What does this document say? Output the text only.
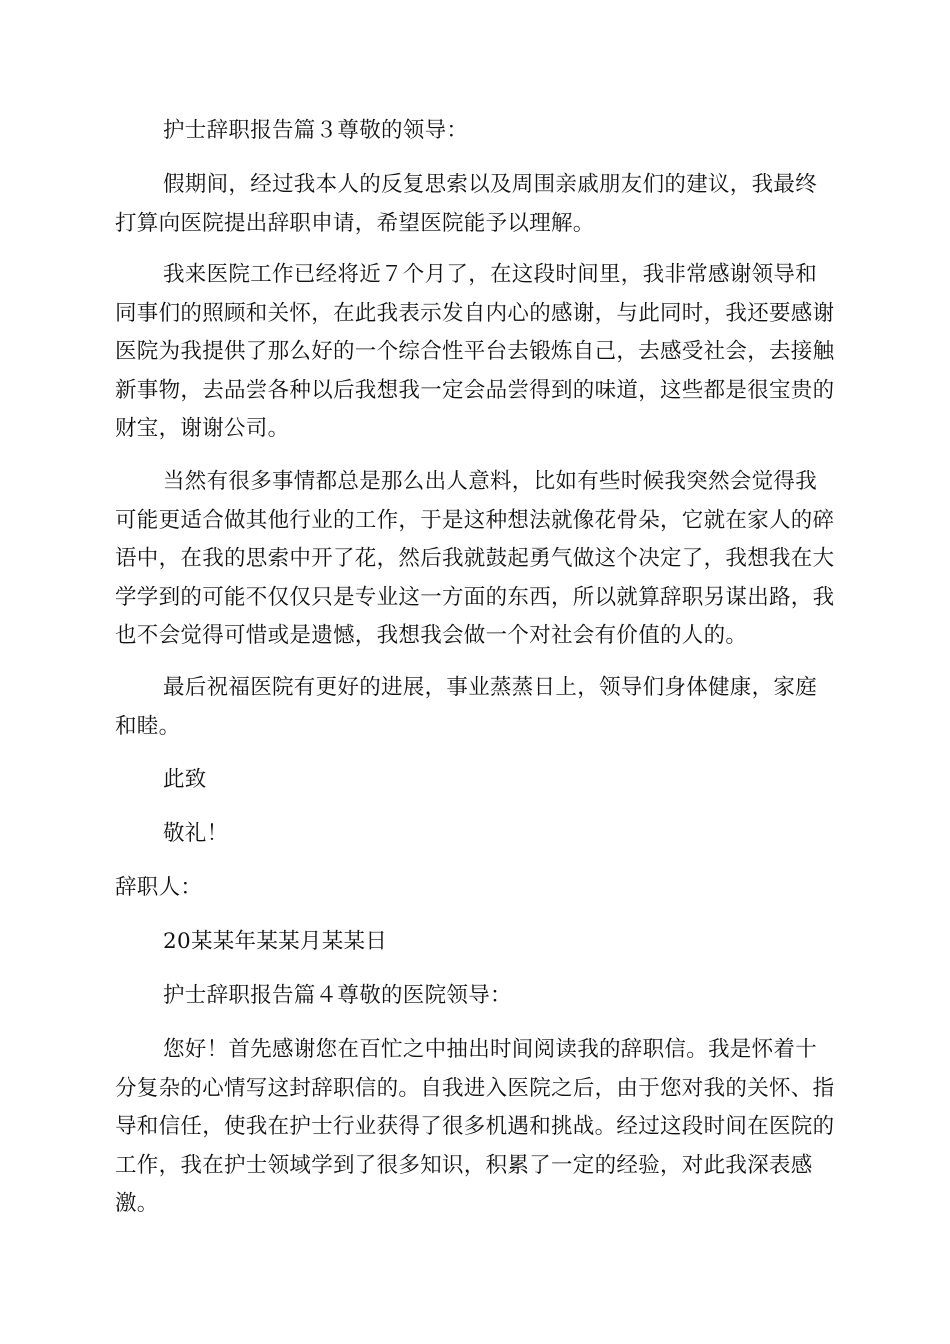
护士辞职报告篇３尊敬的领导：

假期间，经过我本人的反复思索以及周围亲戚朋友们的建议，我最终打算向医院提出辞职申请，希望医院能予以理解。

我来医院工作已经将近７个月了，在这段时间里，我非常感谢领导和同事们的照顾和关怀，在此我表示发自内心的感谢，与此同时，我还要感谢医院为我提供了那么好的一个综合性平台去锻炼自己，去感受社会，去接触新事物，去品尝各种以后我想我一定会品尝得到的味道，这些都是很宝贵的财宝，谢谢公司。

当然有很多事情都总是那么出人意料，比如有些时候我突然会觉得我可能更适合做其他行业的工作，于是这种想法就像花骨朵，它就在家人的碎语中，在我的思索中开了花，然后我就鼓起勇气做这个决定了，我想我在大学学到的可能不仅仅只是专业这一方面的东西，所以就算辞职另谋出路，我也不会觉得可惜或是遗憾，我想我会做一个对社会有价值的人的。

最后祝福医院有更好的进展，事业蒸蒸日上，领导们身体健康，家庭和睦。

此致

敬礼！

辞职人：

20某某年某某月某某日

护士辞职报告篇４尊敬的医院领导：

您好！首先感谢您在百忙之中抽出时间阅读我的辞职信。我是怀着十分复杂的心情写这封辞职信的。自我进入医院之后，由于您对我的关怀、指导和信任，使我在护士行业获得了很多机遇和挑战。经过这段时间在医院的工作，我在护士领域学到了很多知识，积累了一定的经验，对此我深表感激。
